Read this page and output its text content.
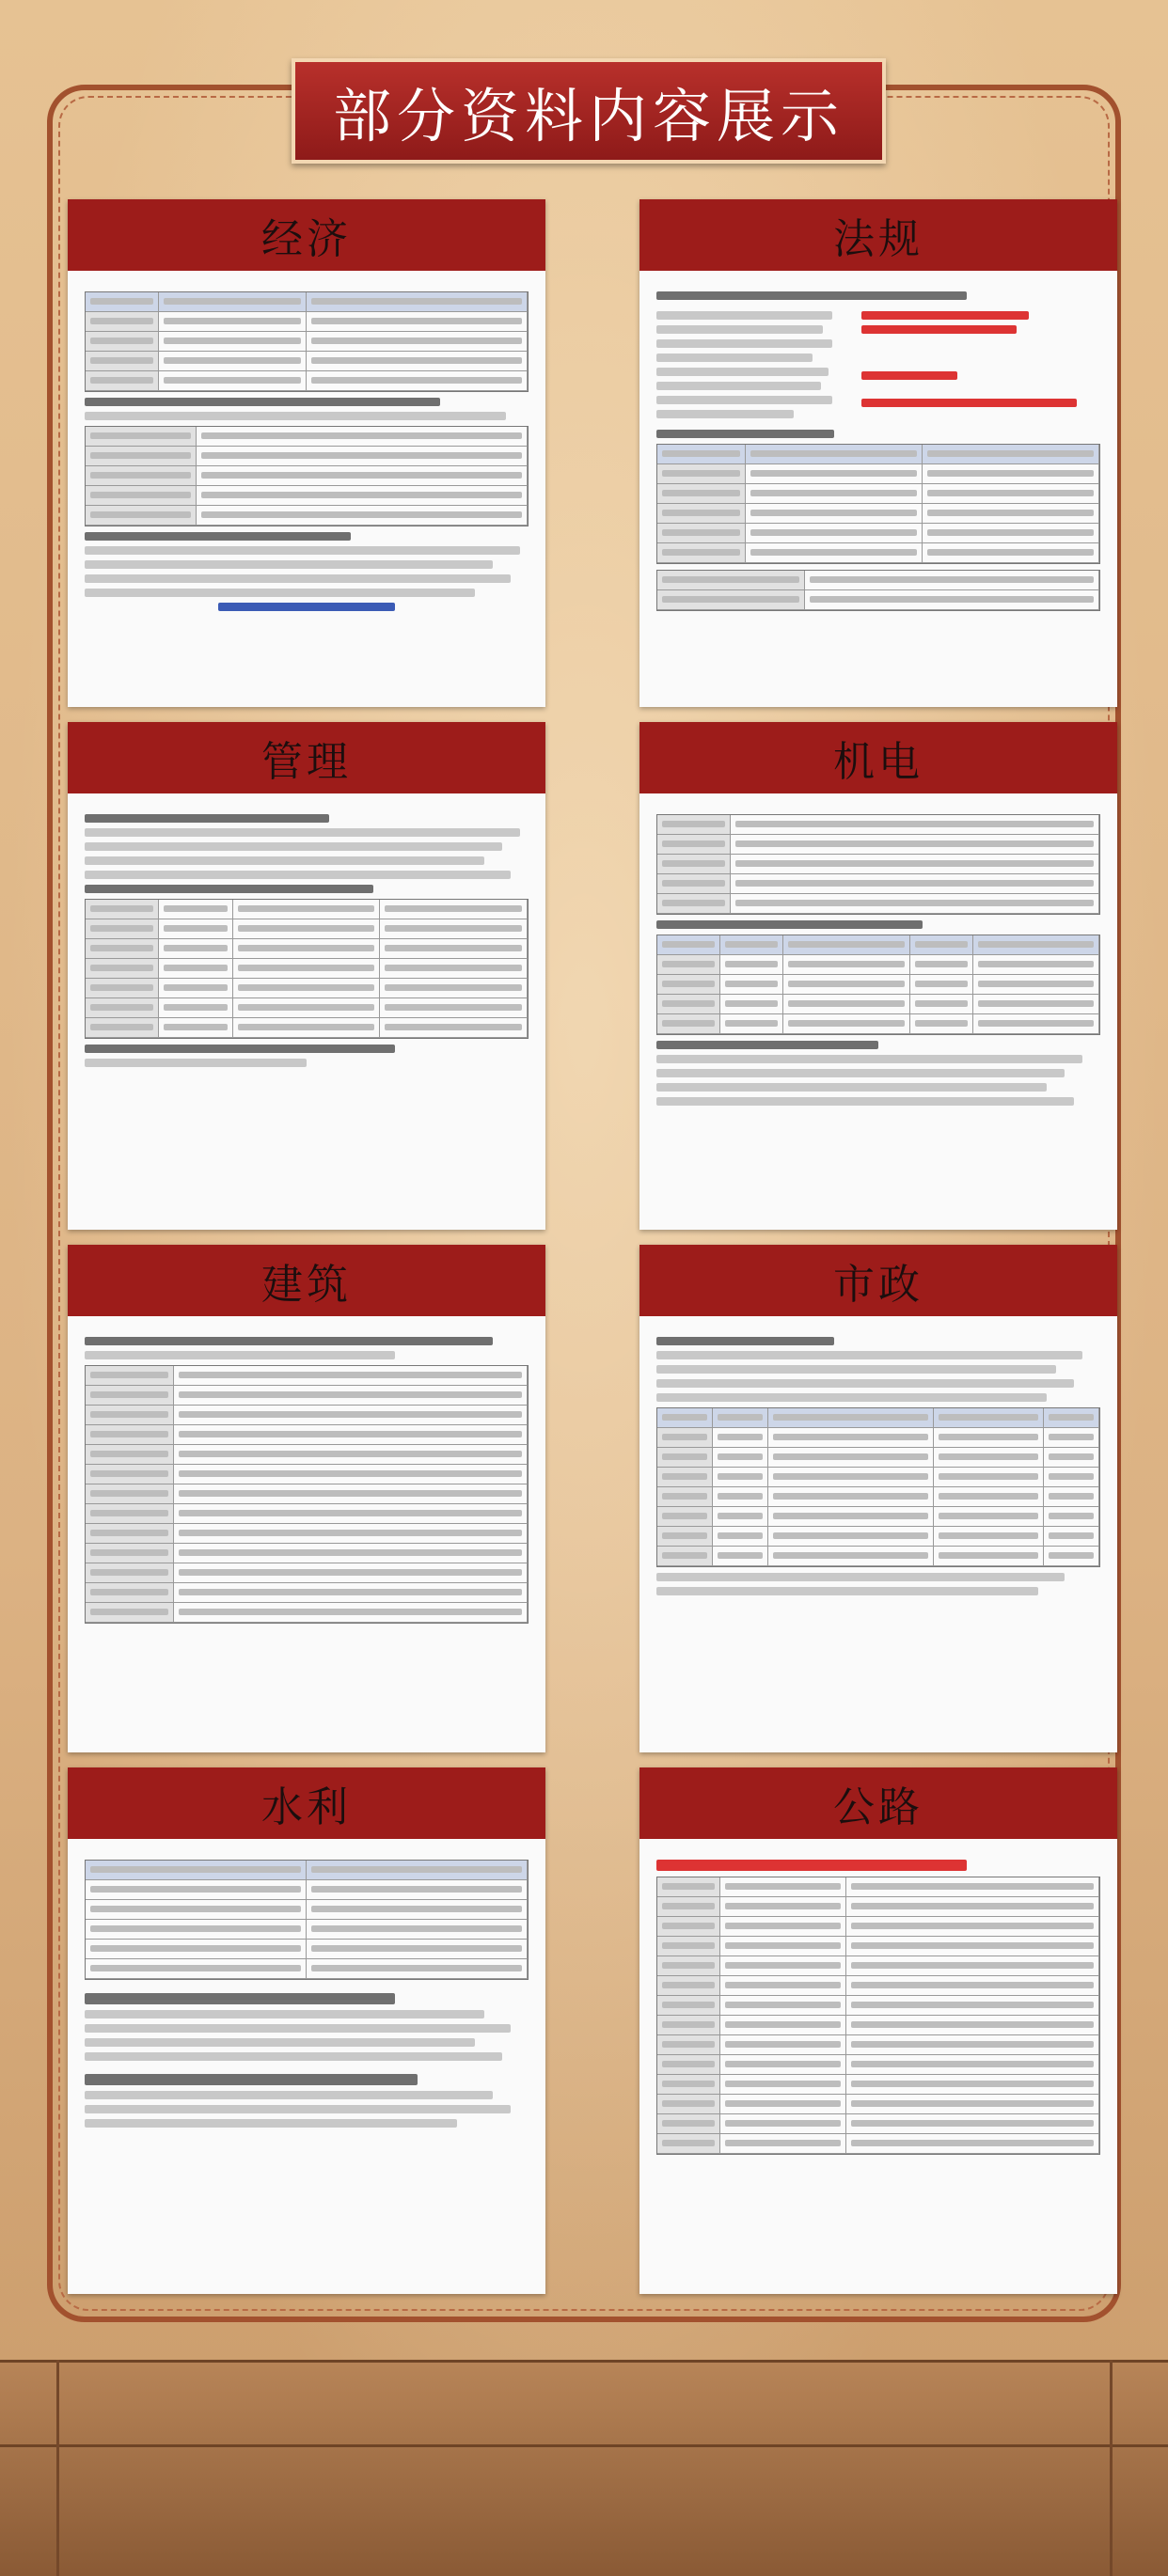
部分资料内容展示
经济	法规
管理	机电
建筑	市政
水利	公路
